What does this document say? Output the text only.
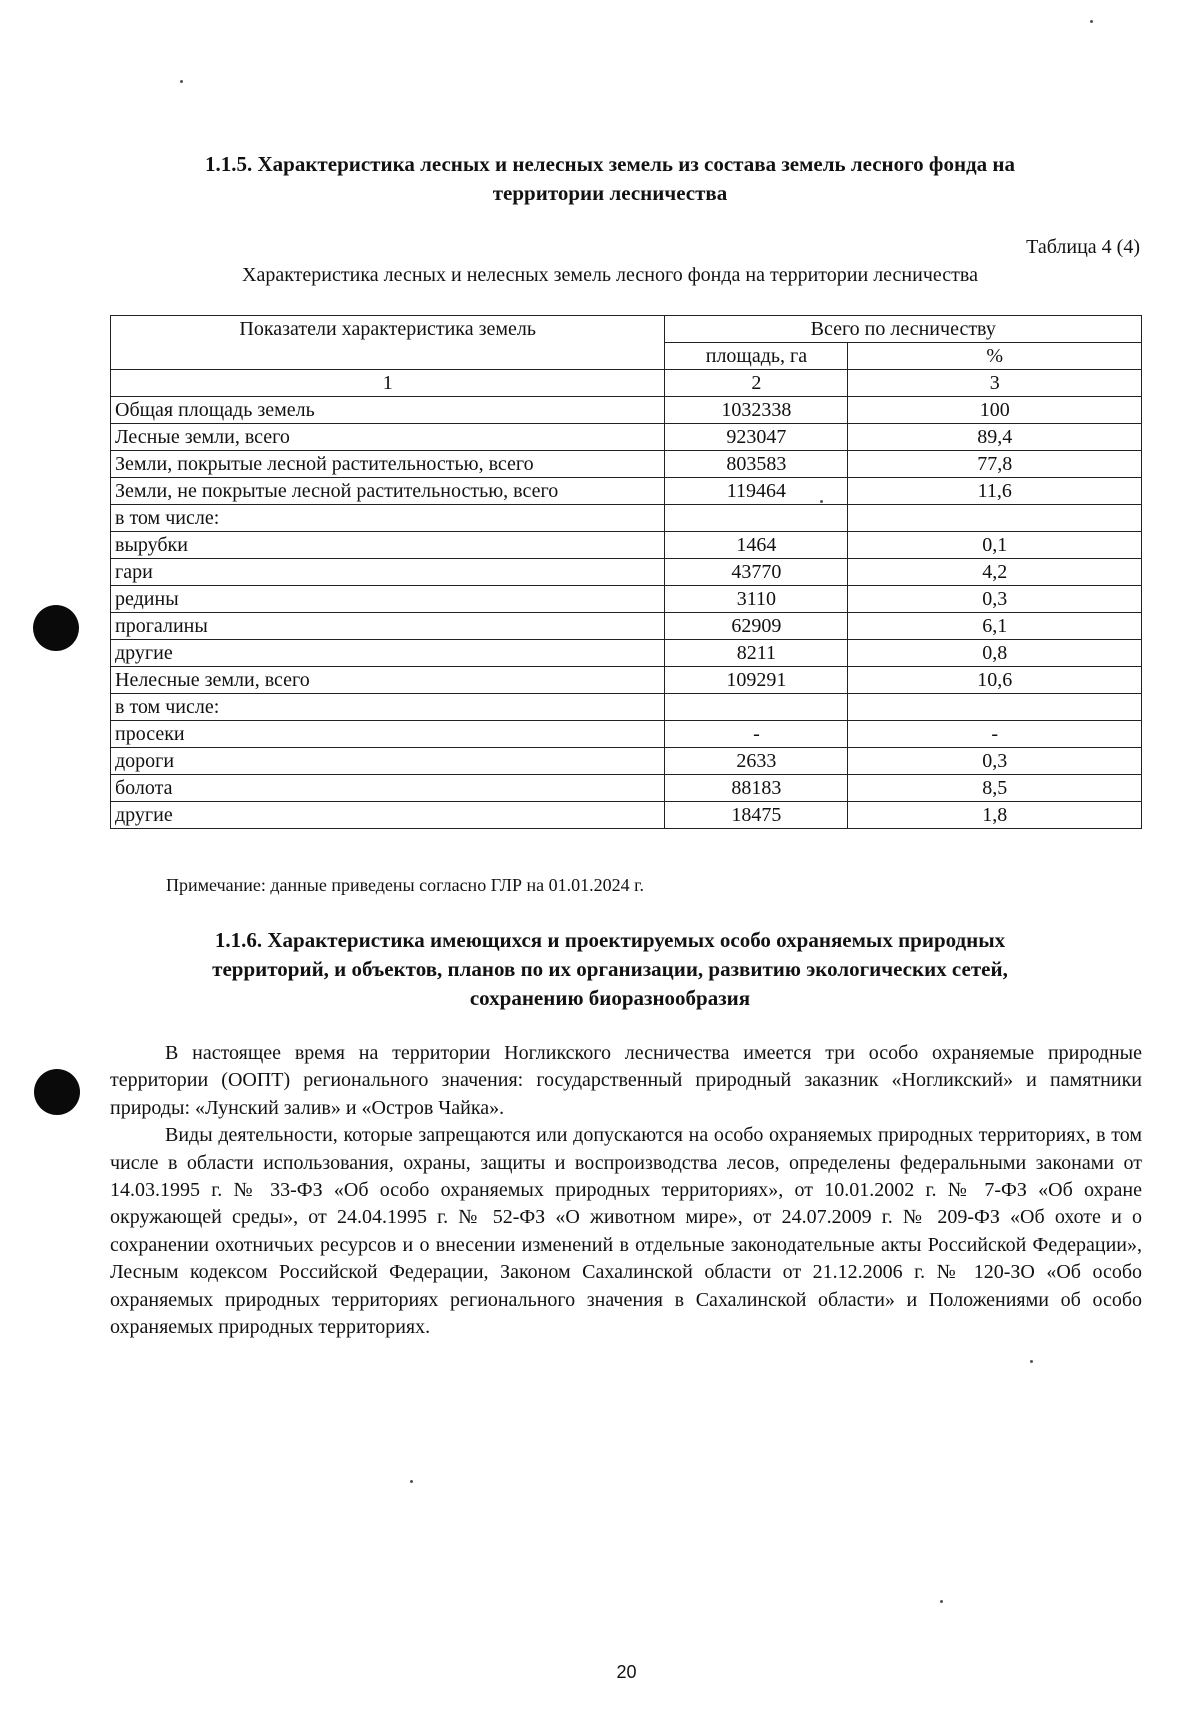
1.1.5. Характеристика лесных и нелесных земель из состава земель лесного фонда на
территории лесничества
Таблица 4 (4)
Характеристика лесных и нелесных земель лесного фонда на территории лесничества
Показатели характеристика земель	Всего по лесничеству	
	площадь, га	%
1	2	3
Общая площадь земель	1032338	100
Лесные земли, всего	923047	89,4
Земли, покрытые лесной растительностью, всего	803583	77,8
Земли, не покрытые лесной растительностью, всего	119464	11,6
в том числе:		
вырубки	1464	0,1
гари	43770	4,2
редины	3110	0,3
прогалины	62909	6,1
другие	8211	0,8
Нелесные земли, всего	109291	10,6
в том числе:		
просеки	-	-
дороги	2633	0,3
болота	88183	8,5
другие	18475	1,8
Примечание: данные приведены согласно ГЛР на 01.01.2024 г.
1.1.6. Характеристика имеющихся и проектируемых особо охраняемых природных
территорий, и объектов, планов по их организации, развитию экологических сетей,
сохранению биоразнообразия

В настоящее время на территории Ногликского лесничества имеется три особо охраняемые природные территории (ООПТ) регионального значения: государственный природный заказник «Ногликский» и памятники природы: «Лунский залив» и «Остров Чайка».

Виды деятельности, которые запрещаются или допускаются на особо охраняемых природных территориях, в том числе в области использования, охраны, защиты и воспроизводства лесов, определены федеральными законами от 14.03.1995 г. № 33-ФЗ «Об особо охраняемых природных территориях», от 10.01.2002 г. № 7-ФЗ «Об охране окружающей среды», от 24.04.1995 г. № 52-ФЗ «О животном мире», от 24.07.2009 г. № 209-ФЗ «Об охоте и о сохранении охотничьих ресурсов и о внесении изменений в отдельные законодательные акты Российской Федерации», Лесным кодексом Российской Федерации, Законом Сахалинской области от 21.12.2006 г. № 120-ЗО «Об особо охраняемых природных территориях регионального значения в Сахалинской области» и Положениями об особо охраняемых природных территориях.

20
